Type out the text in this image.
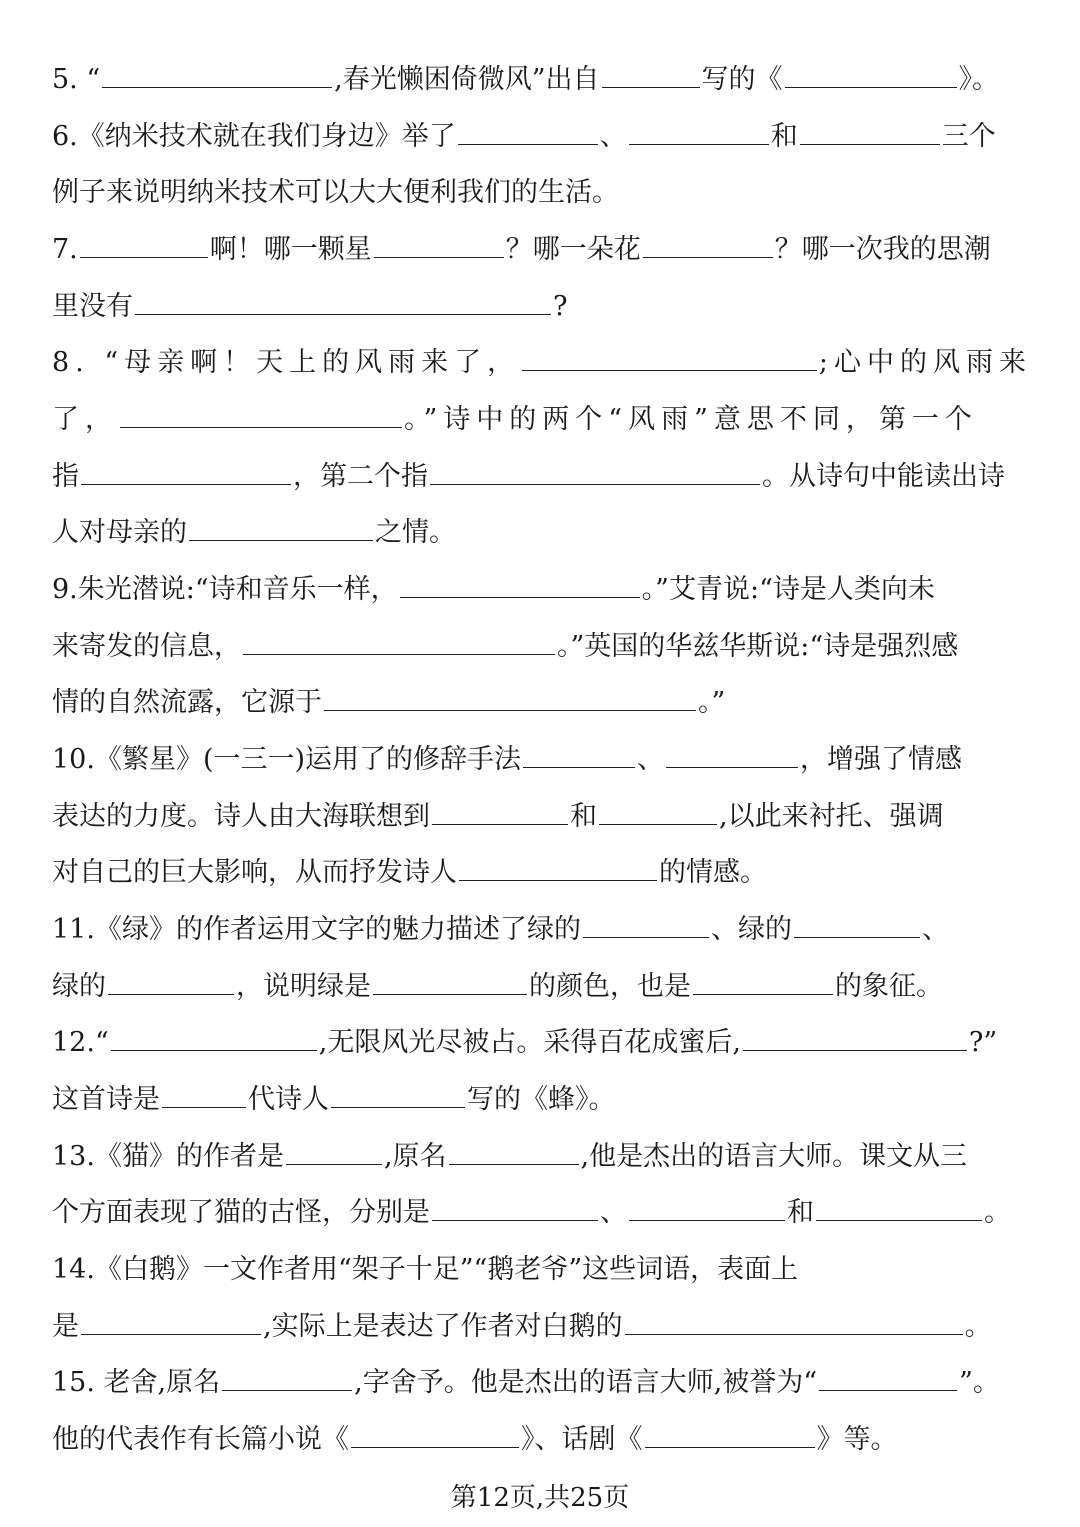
5. “	,春光懒困倚微风”出自	写的《	》。
6.《纳米技术就在我们身边》举了	、	和	三个
例子来说明纳米技术可以大大便利我们的生活。
7.	啊！哪一颗星	？哪一朵花	？哪一次我的思潮
里没有	?
8. “母亲啊！天上的风雨来了，	;心中的风雨来
了，	。”诗中的两个“风雨”意思不同，第一个
指	，第二个指	。从诗句中能读出诗
人对母亲的	之情。
9.朱光潜说:“诗和音乐一样，	。”艾青说:“诗是人类向未
来寄发的信息，	。”英国的华兹华斯说:“诗是强烈感
情的自然流露，它源于	。”
10.《繁星》(一三一)运用了的修辞手法	、	，增强了情感
表达的力度。诗人由大海联想到	和	,以此来衬托、强调
对自己的巨大影响，从而抒发诗人	的情感。
11.《绿》的作者运用文字的魅力描述了绿的	、绿的	、
绿的	，说明绿是	的颜色，也是	的象征。
12.“	,无限风光尽被占。采得百花成蜜后,	?”
这首诗是	代诗人	写的《蜂》。
13.《猫》的作者是	,原名	,他是杰出的语言大师。课文从三
个方面表现了猫的古怪，分别是	、	和	。
14.《白鹅》一文作者用“架子十足”“鹅老爷”这些词语，表面上
是	,实际上是表达了作者对白鹅的	。
15. 老舍,原名	,字舍予。他是杰出的语言大师,被誉为“	”。
他的代表作有长篇小说《	》、话剧《	》等。
第12页,共25页
